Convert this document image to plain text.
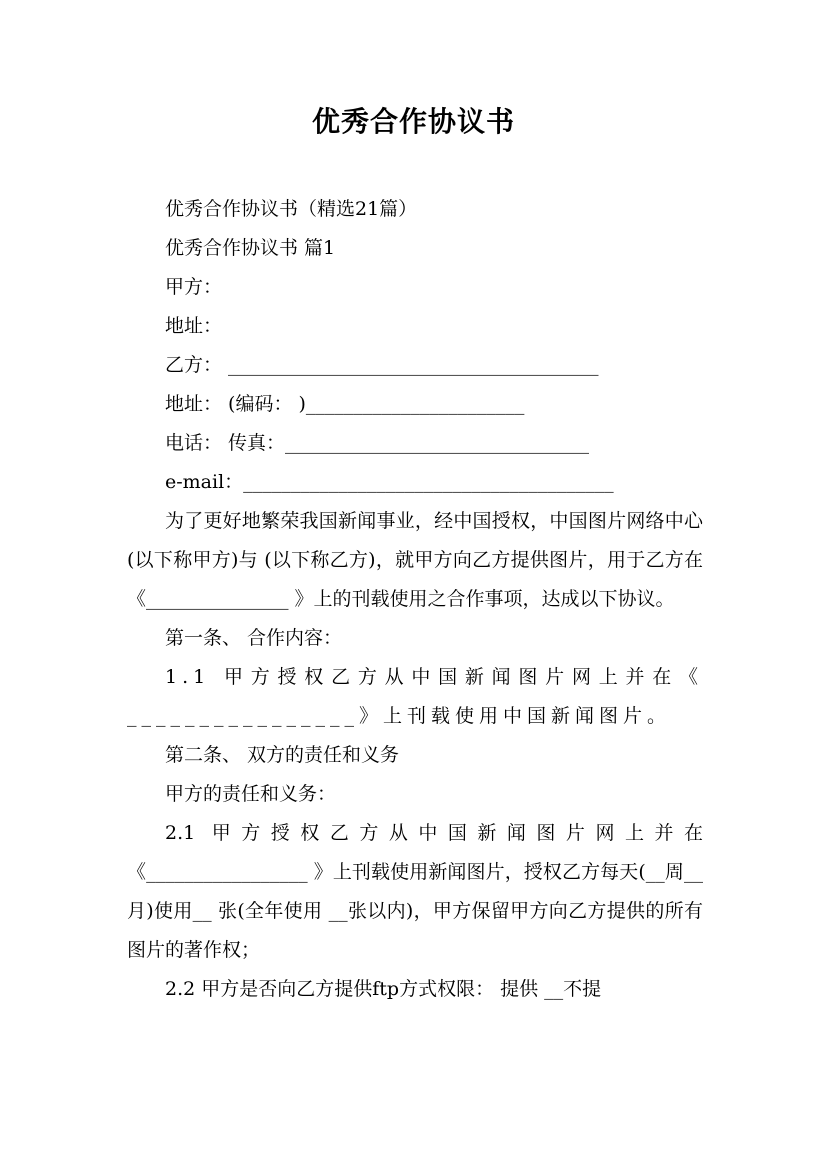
优秀合作协议书

优秀合作协议书（精选21篇）

优秀合作协议书 篇1

甲方：

地址：

乙方： _______________________________________

地址： (编码： )_______________________

电话： 传真：________________________________

e-mail：_______________________________________

为了更好地繁荣我国新闻事业，经中国授权，中国图片网络中心(以下称甲方)与 (以下称乙方)，就甲方向乙方提供图片，用于乙方在《_______________ 》上的刊载使用之合作事项，达成以下协议。

第一条、 合作内容：

1.1 甲方授权乙方从中国新闻图片网上并在《 ________________》上刊载使用中国新闻图片。

第二条、 双方的责任和义务

甲方的责任和义务：

2.1 甲方授权乙方从中国新闻图片网上并在《_________________ 》上刊载使用新闻图片，授权乙方每天(__周__月)使用__ 张(全年使用 __张以内)，甲方保留甲方向乙方提供的所有图片的著作权；

2.2 甲方是否向乙方提供ftp方式权限： 提供 __不提
